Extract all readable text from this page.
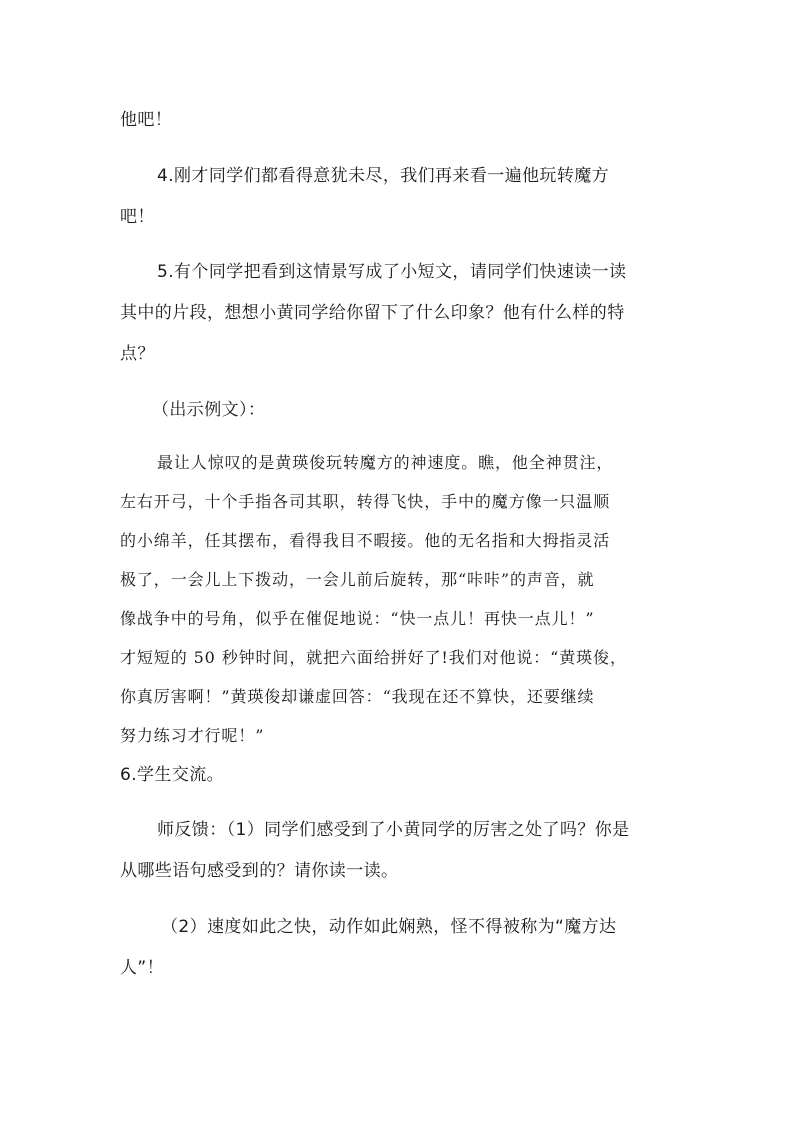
他吧！

4.刚才同学们都看得意犹未尽，我们再来看一遍他玩转魔方

吧！

5.有个同学把看到这情景写成了小短文，请同学们快速读一读

其中的片段，想想小黄同学给你留下了什么印象？他有什么样的特

点？

（出示例文）：

最让人惊叹的是黄瑛俊玩转魔方的神速度。瞧，他全神贯注，

左右开弓，十个手指各司其职，转得飞快，手中的魔方像一只温顺

的小绵羊，任其摆布，看得我目不暇接。他的无名指和大拇指灵活

极了，一会儿上下拨动，一会儿前后旋转，那“咔咔”的声音，就

像战争中的号角，似乎在催促地说：“快一点儿！再快一点儿！”

才短短的 50 秒钟时间，就把六面给拼好了!我们对他说：“黄瑛俊，

你真厉害啊！”黄瑛俊却谦虚回答：“我现在还不算快，还要继续

努力练习才行呢！”

6.学生交流。

师反馈：（1）同学们感受到了小黄同学的厉害之处了吗？你是

从哪些语句感受到的？请你读一读。

（2）速度如此之快，动作如此娴熟，怪不得被称为“魔方达

人”！
